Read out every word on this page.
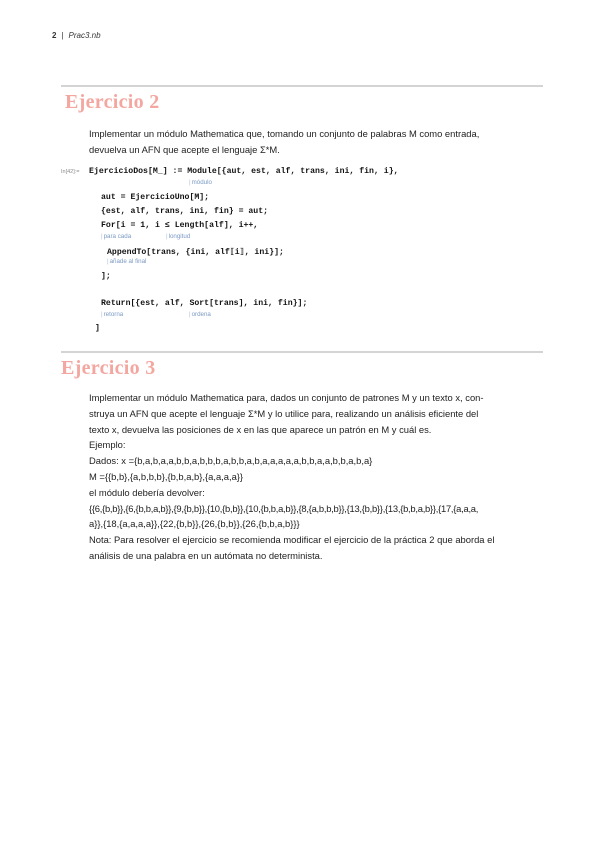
2 | Prac3.nb
Ejercicio 2

Implementar un módulo Mathematica que, tomando un conjunto de palabras M como entrada,

devuelva un AFN que acepte el lenguaje Σ*M.

In[42]:= EjercicioDos[M_] := Module[{aut, est, alf, trans, ini, fin, i},
| módulo
aut = EjercicioUno[M];
{est, alf, trans, ini, fin} = aut;
For[i = 1, i ≤ Length[alf], i++,
| para cada	| longitud
AppendTo[trans, {ini, alf⟦i⟧, ini}];
| añade al final
];
Return[{est, alf, Sort[trans], ini, fin}];
| retorna	| ordena
]
Ejercicio 3

Implementar un módulo Mathematica para, dados un conjunto de patrones M y un texto x, con-

struya un AFN que acepte el lenguaje Σ*M y lo utilice para, realizando un análisis eficiente del

texto x, devuelva las posiciones de x en las que aparece un patrón en M y cuál es.

Ejemplo:

Dados: x ={b,a,b,a,a,b,b,a,b,b,b,a,b,b,a,b,a,a,a,a,a,b,b,a,a,b,b,a,b,a}

M ={{b,b},{a,b,b,b},{b,b,a,b},{a,a,a,a}}

el módulo debería devolver:

{{6,{b,b}},{6,{b,b,a,b}},{9,{b,b}},{10,{b,b}},{10,{b,b,a,b}},{8,{a,b,b,b}},{13,{b,b}},{13,{b,b,a,b}},{17,{a,a,a,

a}},{18,{a,a,a,a}},{22,{b,b}},{26,{b,b}},{26,{b,b,a,b}}}

Nota: Para resolver el ejercicio se recomienda modificar el ejercicio de la práctica 2 que aborda el

análisis de una palabra en un autómata no determinista.
